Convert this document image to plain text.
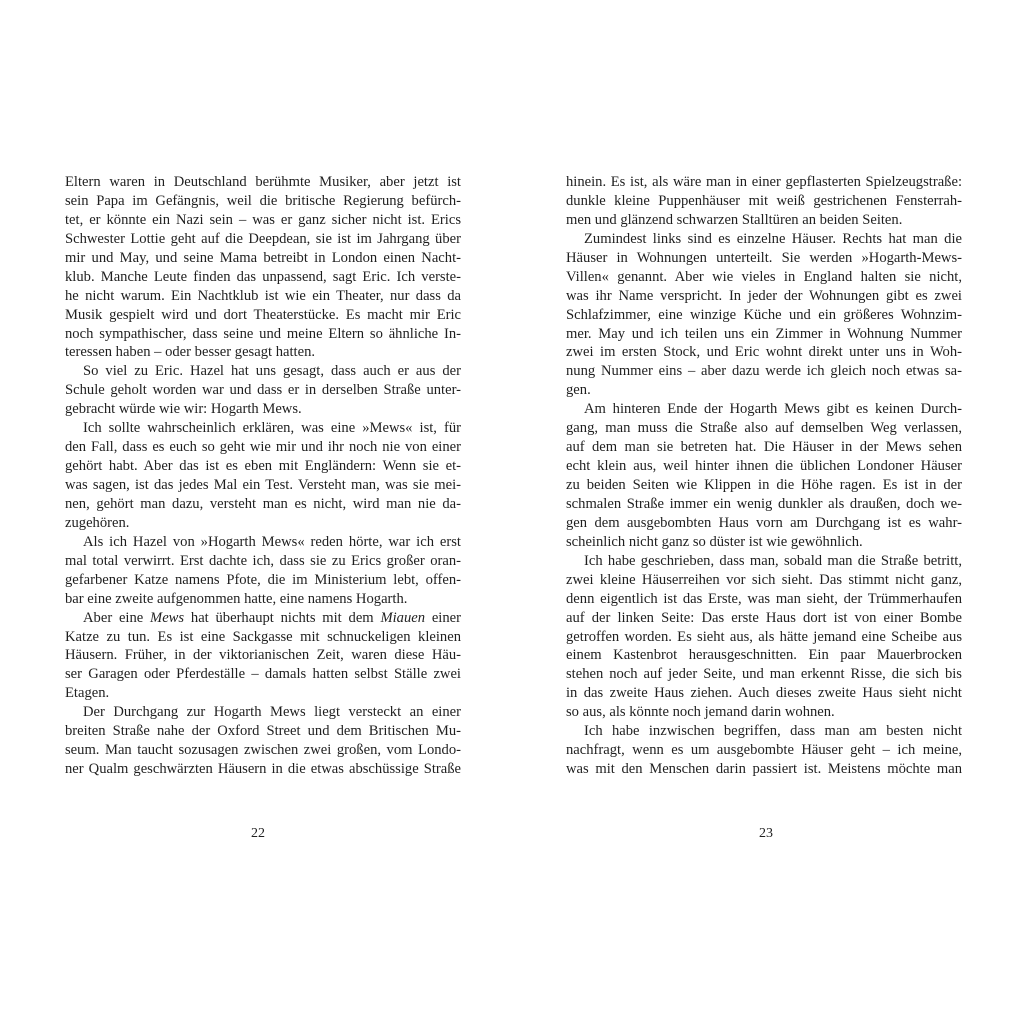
Eltern waren in Deutschland berühmte Musiker, aber jetzt ist
sein Papa im Gefängnis, weil die britische Regierung befürch-
tet, er könnte ein Nazi sein – was er ganz sicher nicht ist. Erics
Schwester Lottie geht auf die Deepdean, sie ist im Jahrgang über
mir und May, und seine Mama betreibt in London einen Nacht-
klub. Manche Leute finden das unpassend, sagt Eric. Ich verste-
he nicht warum. Ein Nachtklub ist wie ein Theater, nur dass da
Musik gespielt wird und dort Theaterstücke. Es macht mir Eric
noch sympathischer, dass seine und meine Eltern so ähnliche In-
teressen haben – oder besser gesagt hatten.
So viel zu Eric. Hazel hat uns gesagt, dass auch er aus der
Schule geholt worden war und dass er in derselben Straße unter-
gebracht würde wie wir: Hogarth Mews.
Ich sollte wahrscheinlich erklären, was eine »Mews« ist, für
den Fall, dass es euch so geht wie mir und ihr noch nie von einer
gehört habt. Aber das ist es eben mit Engländern: Wenn sie et-
was sagen, ist das jedes Mal ein Test. Versteht man, was sie mei-
nen, gehört man dazu, versteht man es nicht, wird man nie da-
zugehören.
Als ich Hazel von »Hogarth Mews« reden hörte, war ich erst
mal total verwirrt. Erst dachte ich, dass sie zu Erics großer oran-
gefarbener Katze namens Pfote, die im Ministerium lebt, offen-
bar eine zweite aufgenommen hatte, eine namens Hogarth.
Aber eine Mews hat überhaupt nichts mit dem Miauen einer
Katze zu tun. Es ist eine Sackgasse mit schnuckeligen kleinen
Häusern. Früher, in der viktorianischen Zeit, waren diese Häu-
ser Garagen oder Pferdeställe – damals hatten selbst Ställe zwei
Etagen.
Der Durchgang zur Hogarth Mews liegt versteckt an einer
breiten Straße nahe der Oxford Street und dem Britischen Mu-
seum. Man taucht sozusagen zwischen zwei großen, vom Londo-
ner Qualm geschwärzten Häusern in die etwas abschüssige Straße
hinein. Es ist, als wäre man in einer gepflasterten Spielzeugstraße:
dunkle kleine Puppenhäuser mit weiß gestrichenen Fensterrah-
men und glänzend schwarzen Stalltüren an beiden Seiten.
Zumindest links sind es einzelne Häuser. Rechts hat man die
Häuser in Wohnungen unterteilt. Sie werden »Hogarth-Mews-
Villen« genannt. Aber wie vieles in England halten sie nicht,
was ihr Name verspricht. In jeder der Wohnungen gibt es zwei
Schlafzimmer, eine winzige Küche und ein größeres Wohnzim-
mer. May und ich teilen uns ein Zimmer in Wohnung Nummer
zwei im ersten Stock, und Eric wohnt direkt unter uns in Woh-
nung Nummer eins – aber dazu werde ich gleich noch etwas sa-
gen.
Am hinteren Ende der Hogarth Mews gibt es keinen Durch-
gang, man muss die Straße also auf demselben Weg verlassen,
auf dem man sie betreten hat. Die Häuser in der Mews sehen
echt klein aus, weil hinter ihnen die üblichen Londoner Häuser
zu beiden Seiten wie Klippen in die Höhe ragen. Es ist in der
schmalen Straße immer ein wenig dunkler als draußen, doch we-
gen dem ausgebombten Haus vorn am Durchgang ist es wahr-
scheinlich nicht ganz so düster ist wie gewöhnlich.
Ich habe geschrieben, dass man, sobald man die Straße betritt,
zwei kleine Häuserreihen vor sich sieht. Das stimmt nicht ganz,
denn eigentlich ist das Erste, was man sieht, der Trümmerhaufen
auf der linken Seite: Das erste Haus dort ist von einer Bombe
getroffen worden. Es sieht aus, als hätte jemand eine Scheibe aus
einem Kastenbrot herausgeschnitten. Ein paar Mauerbrocken
stehen noch auf jeder Seite, und man erkennt Risse, die sich bis
in das zweite Haus ziehen. Auch dieses zweite Haus sieht nicht
so aus, als könnte noch jemand darin wohnen.
Ich habe inzwischen begriffen, dass man am besten nicht
nachfragt, wenn es um ausgebombte Häuser geht – ich meine,
was mit den Menschen darin passiert ist. Meistens möchte man
22	23
